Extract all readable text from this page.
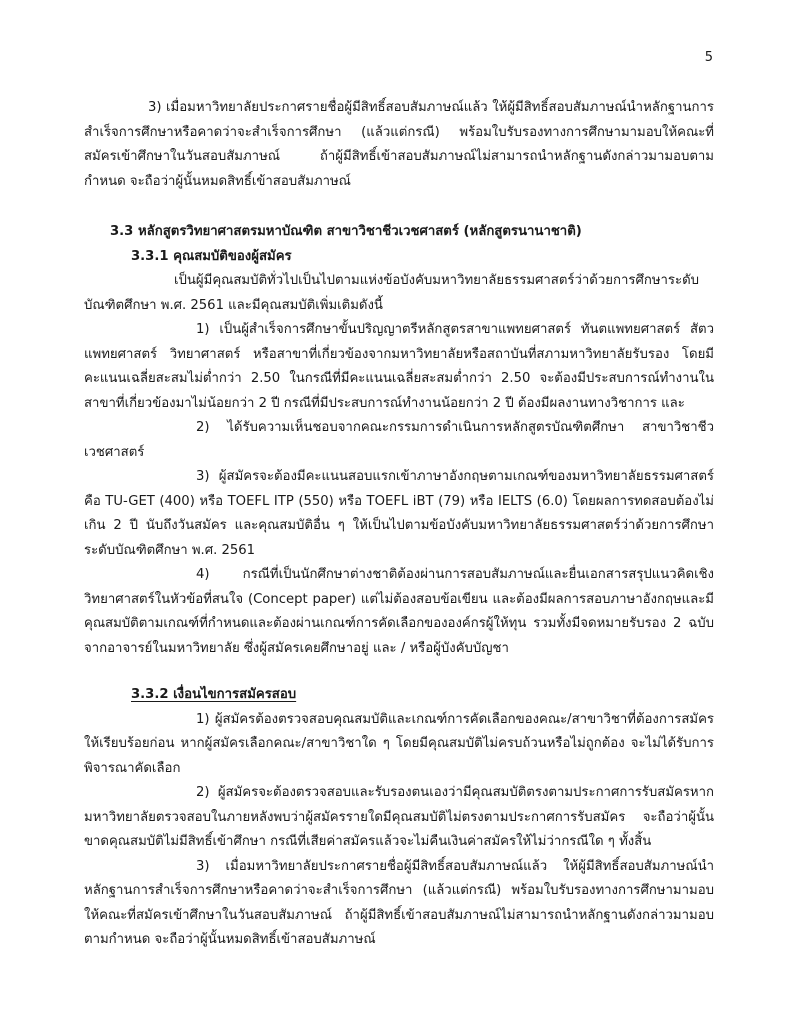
5

3) เมื่อมหาวิทยาลัยประกาศรายชื่อผู้มีสิทธิ์สอบสัมภาษณ์แล้ว ให้ผู้มีสิทธิ์สอบสัมภาษณ์นำหลักฐานการสำเร็จการศึกษาหรือคาดว่าจะสำเร็จการศึกษา (แล้วแต่กรณี) พร้อมใบรับรองทางการศึกษามามอบให้คณะที่สมัครเข้าศึกษาในวันสอบสัมภาษณ์ ถ้าผู้มีสิทธิ์เข้าสอบสัมภาษณ์ไม่สามารถนำหลักฐานดังกล่าวมามอบตามกำหนด จะถือว่าผู้นั้นหมดสิทธิ์เข้าสอบสัมภาษณ์

3.3 หลักสูตรวิทยาศาสตรมหาบัณฑิต สาขาวิชาชีวเวชศาสตร์ (หลักสูตรนานาชาติ)
3.3.1 คุณสมบัติของผู้สมัคร

เป็นผู้มีคุณสมบัติทั่วไปเป็นไปตามแห่งข้อบังคับมหาวิทยาลัยธรรมศาสตร์ว่าด้วยการศึกษาระดับบัณฑิตศึกษา พ.ศ. 2561 และมีคุณสมบัติเพิ่มเติมดังนี้

1) เป็นผู้สำเร็จการศึกษาขั้นปริญญาตรีหลักสูตรสาขาแพทยศาสตร์ ทันตแพทยศาสตร์ สัตวแพทยศาสตร์ วิทยาศาสตร์ หรือสาขาที่เกี่ยวข้องจากมหาวิทยาลัยหรือสถาบันที่สภามหาวิทยาลัยรับรอง โดยมีคะแนนเฉลี่ยสะสมไม่ต่ำกว่า 2.50 ในกรณีที่มีคะแนนเฉลี่ยสะสมต่ำกว่า 2.50 จะต้องมีประสบการณ์ทำงานในสาขาที่เกี่ยวข้องมาไม่น้อยกว่า 2 ปี กรณีที่มีประสบการณ์ทำงานน้อยกว่า 2 ปี ต้องมีผลงานทางวิชาการ และ

2) ได้รับความเห็นชอบจากคณะกรรมการดำเนินการหลักสูตรบัณฑิตศึกษา สาขาวิชาชีวเวชศาสตร์

3) ผู้สมัครจะต้องมีคะแนนสอบแรกเข้าภาษาอังกฤษตามเกณฑ์ของมหาวิทยาลัยธรรมศาสตร์คือ TU-GET (400) หรือ TOEFL ITP (550) หรือ TOEFL iBT (79) หรือ IELTS (6.0) โดยผลการทดสอบต้องไม่เกิน 2 ปี นับถึงวันสมัคร และคุณสมบัติอื่น ๆ ให้เป็นไปตามข้อบังคับมหาวิทยาลัยธรรมศาสตร์ว่าด้วยการศึกษาระดับบัณฑิตศึกษา พ.ศ. 2561

4) กรณีที่เป็นนักศึกษาต่างชาติต้องผ่านการสอบสัมภาษณ์และยื่นเอกสารสรุปแนวคิดเชิงวิทยาศาสตร์ในหัวข้อที่สนใจ (Concept paper) แต่ไม่ต้องสอบข้อเขียน และต้องมีผลการสอบภาษาอังกฤษและมีคุณสมบัติตามเกณฑ์ที่กำหนดและต้องผ่านเกณฑ์การคัดเลือกขององค์กรผู้ให้ทุน รวมทั้งมีจดหมายรับรอง 2 ฉบับจากอาจารย์ในมหาวิทยาลัย ซึ่งผู้สมัครเคยศึกษาอยู่ และ / หรือผู้บังคับบัญชา

3.3.2 เงื่อนไขการสมัครสอบ

1) ผู้สมัครต้องตรวจสอบคุณสมบัติและเกณฑ์การคัดเลือกของคณะ/สาขาวิชาที่ต้องการสมัครให้เรียบร้อยก่อน หากผู้สมัครเลือกคณะ/สาขาวิชาใด ๆ โดยมีคุณสมบัติไม่ครบถ้วนหรือไม่ถูกต้อง จะไม่ได้รับการพิจารณาคัดเลือก

2) ผู้สมัครจะต้องตรวจสอบและรับรองตนเองว่ามีคุณสมบัติตรงตามประกาศการรับสมัครหากมหาวิทยาลัยตรวจสอบในภายหลังพบว่าผู้สมัครรายใดมีคุณสมบัติไม่ตรงตามประกาศการรับสมัคร จะถือว่าผู้นั้นขาดคุณสมบัติไม่มีสิทธิ์เข้าศึกษา กรณีที่เสียค่าสมัครแล้วจะไม่คืนเงินค่าสมัครให้ไม่ว่ากรณีใด ๆ ทั้งสิ้น

3) เมื่อมหาวิทยาลัยประกาศรายชื่อผู้มีสิทธิ์สอบสัมภาษณ์แล้ว ให้ผู้มีสิทธิ์สอบสัมภาษณ์นำหลักฐานการสำเร็จการศึกษาหรือคาดว่าจะสำเร็จการศึกษา (แล้วแต่กรณี) พร้อมใบรับรองทางการศึกษามามอบให้คณะที่สมัครเข้าศึกษาในวันสอบสัมภาษณ์ ถ้าผู้มีสิทธิ์เข้าสอบสัมภาษณ์ไม่สามารถนำหลักฐานดังกล่าวมามอบตามกำหนด จะถือว่าผู้นั้นหมดสิทธิ์เข้าสอบสัมภาษณ์
